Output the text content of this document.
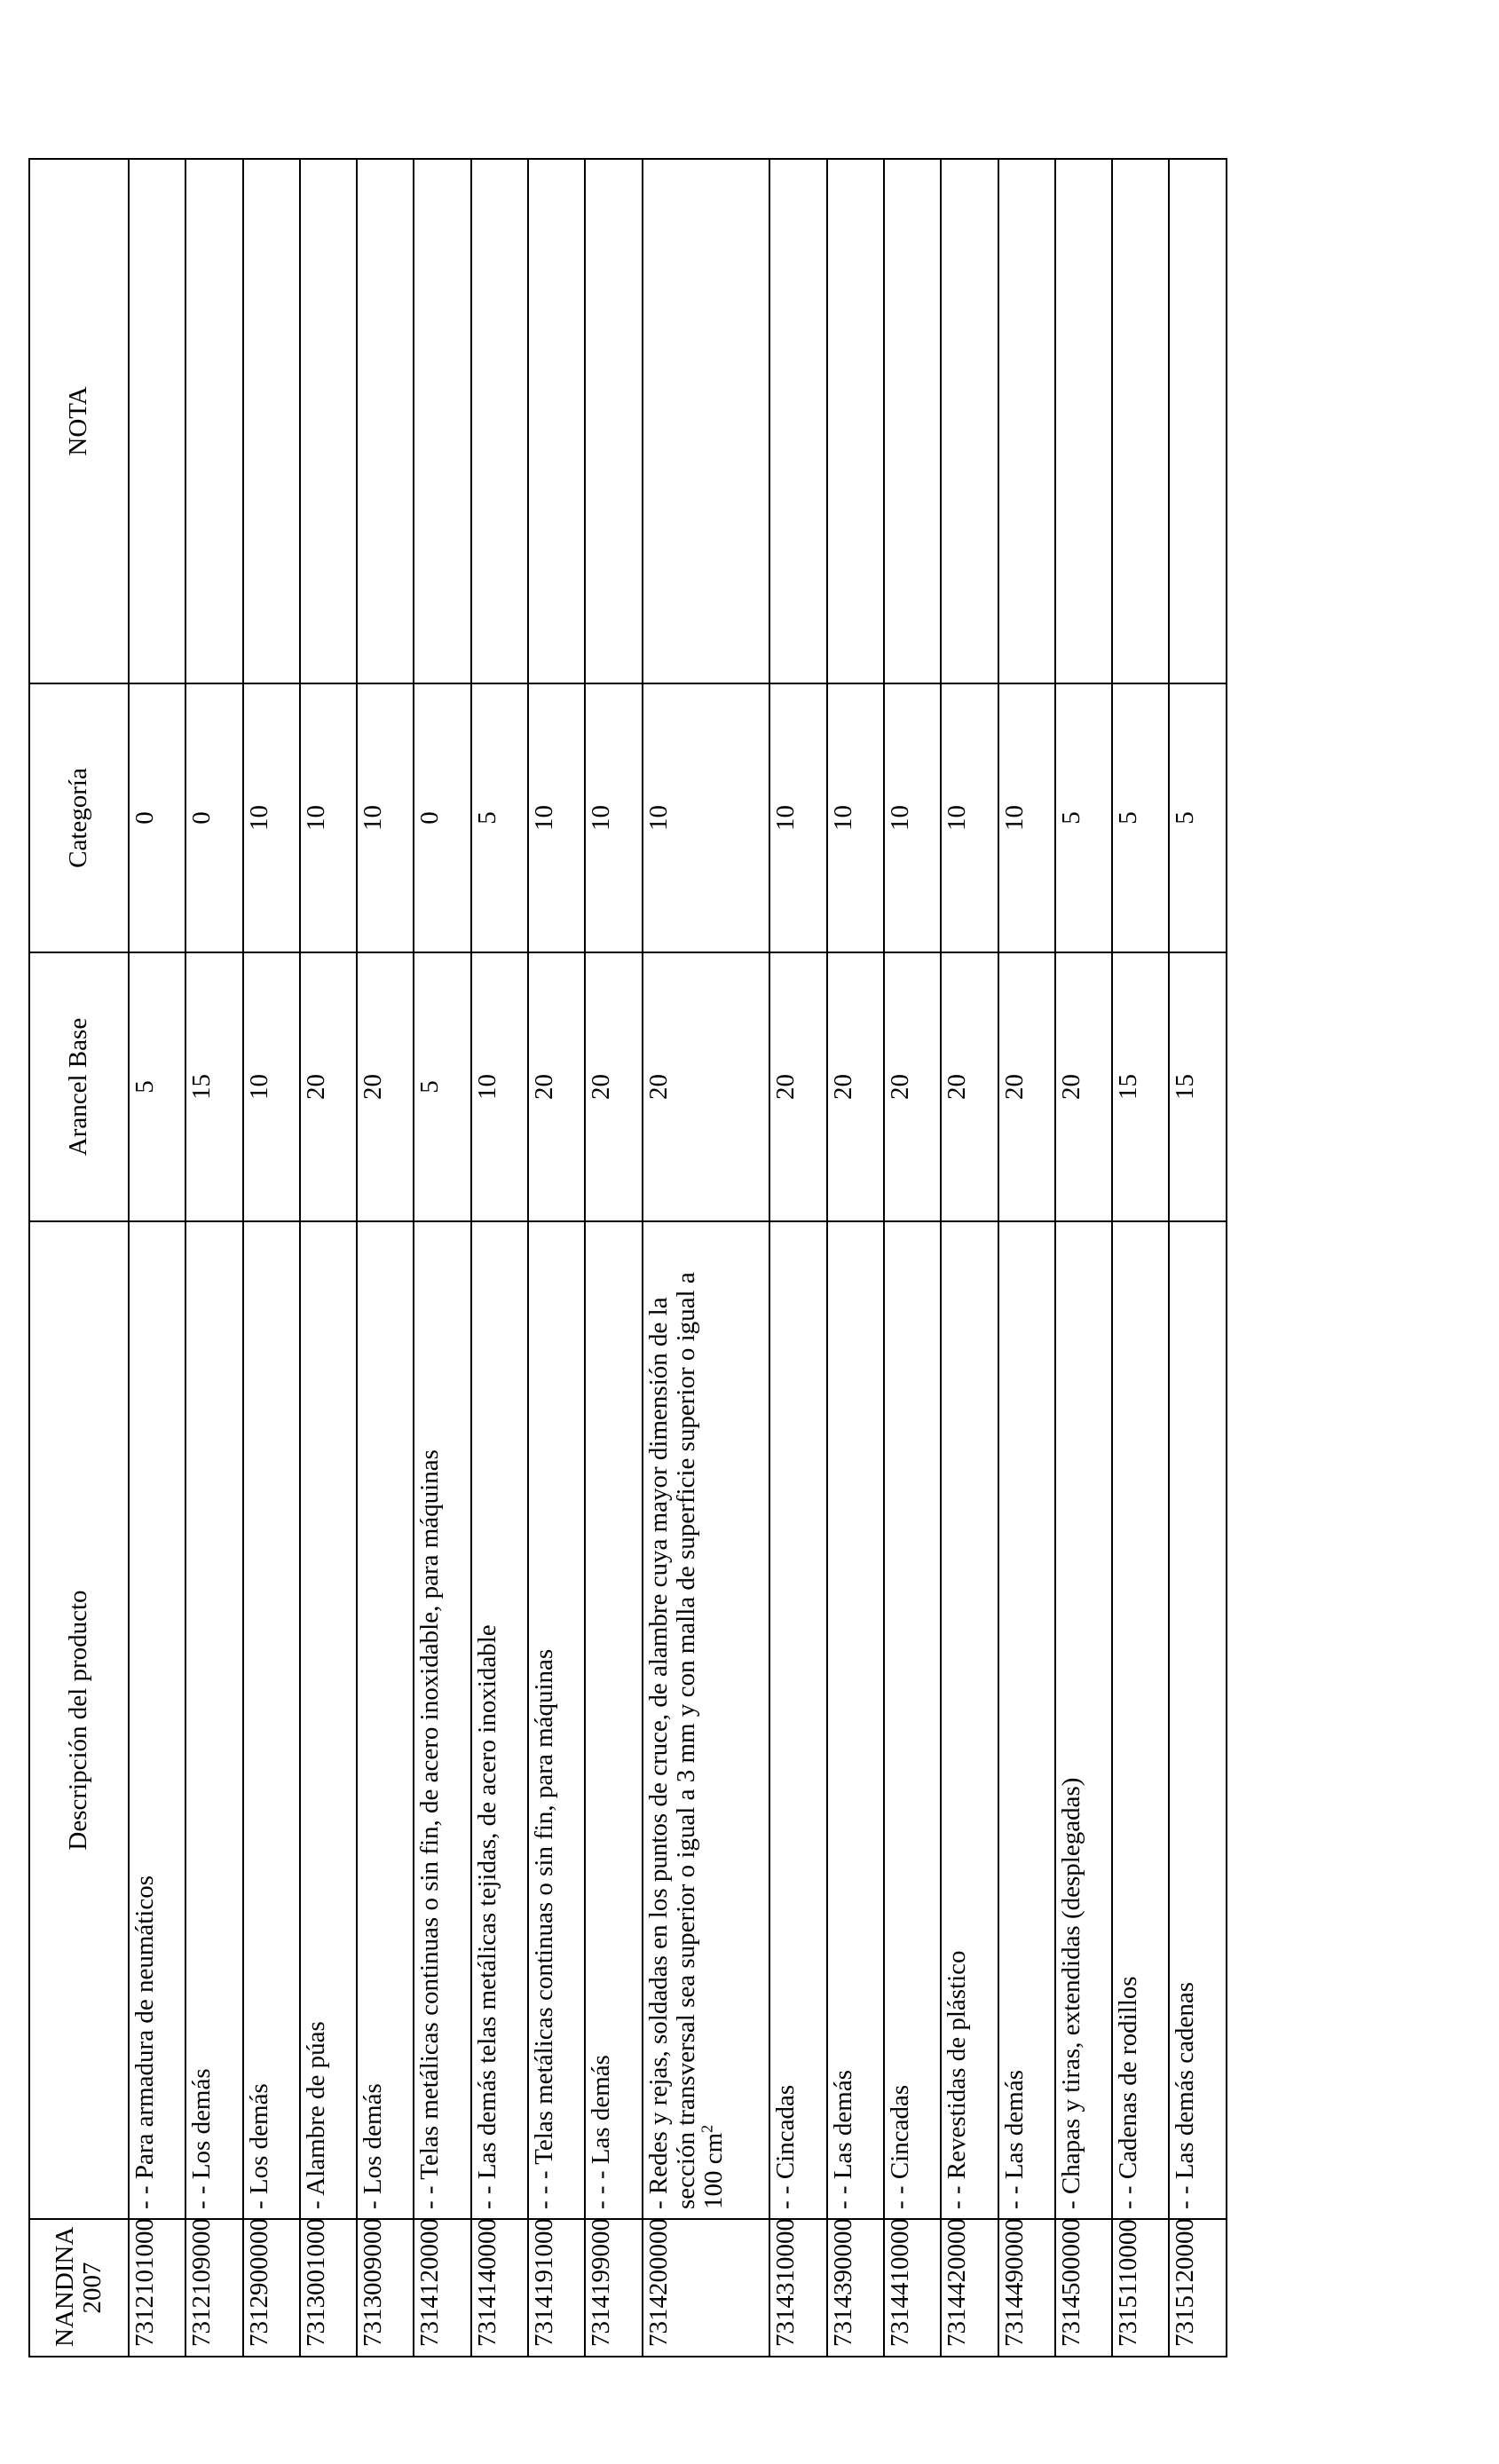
NANDINA 2007	Descripción del producto	Arancel Base	Categoría	NOTA
7312101000	- - Para armadura de neumáticos	5	0	
7312109000	- - Los demás	15	0	
7312900000	- Los demás	10	10	
7313001000	- Alambre de púas	20	10	
7313009000	- Los demás	20	10	
7314120000	- - Telas metálicas continuas o sin fin, de acero inoxidable, para máquinas	5	0	
7314140000	- - Las demás telas metálicas tejidas, de acero inoxidable	10	5	
7314191000	- - - Telas metálicas continuas o sin fin, para máquinas	20	10	
7314199000	- - - Las demás	20	10	
7314200000	- Redes y rejas, soldadas en los puntos de cruce, de alambre cuya mayor dimensión de la sección transversal sea superior o igual a 3 mm y con malla de superficie superior o igual a 100 $cm^2$	20	10	
7314310000	- - Cincadas	20	10	
7314390000	- - Las demás	20	10	
7314410000	- - Cincadas	20	10	
7314420000	- - Revestidas de plástico	20	10	
7314490000	- - Las demás	20	10	
7314500000	- Chapas y tiras, extendidas (desplegadas)	20	5	
7315110000	- - Cadenas de rodillos	15	5	
7315120000	- - Las demás cadenas	15	5	
